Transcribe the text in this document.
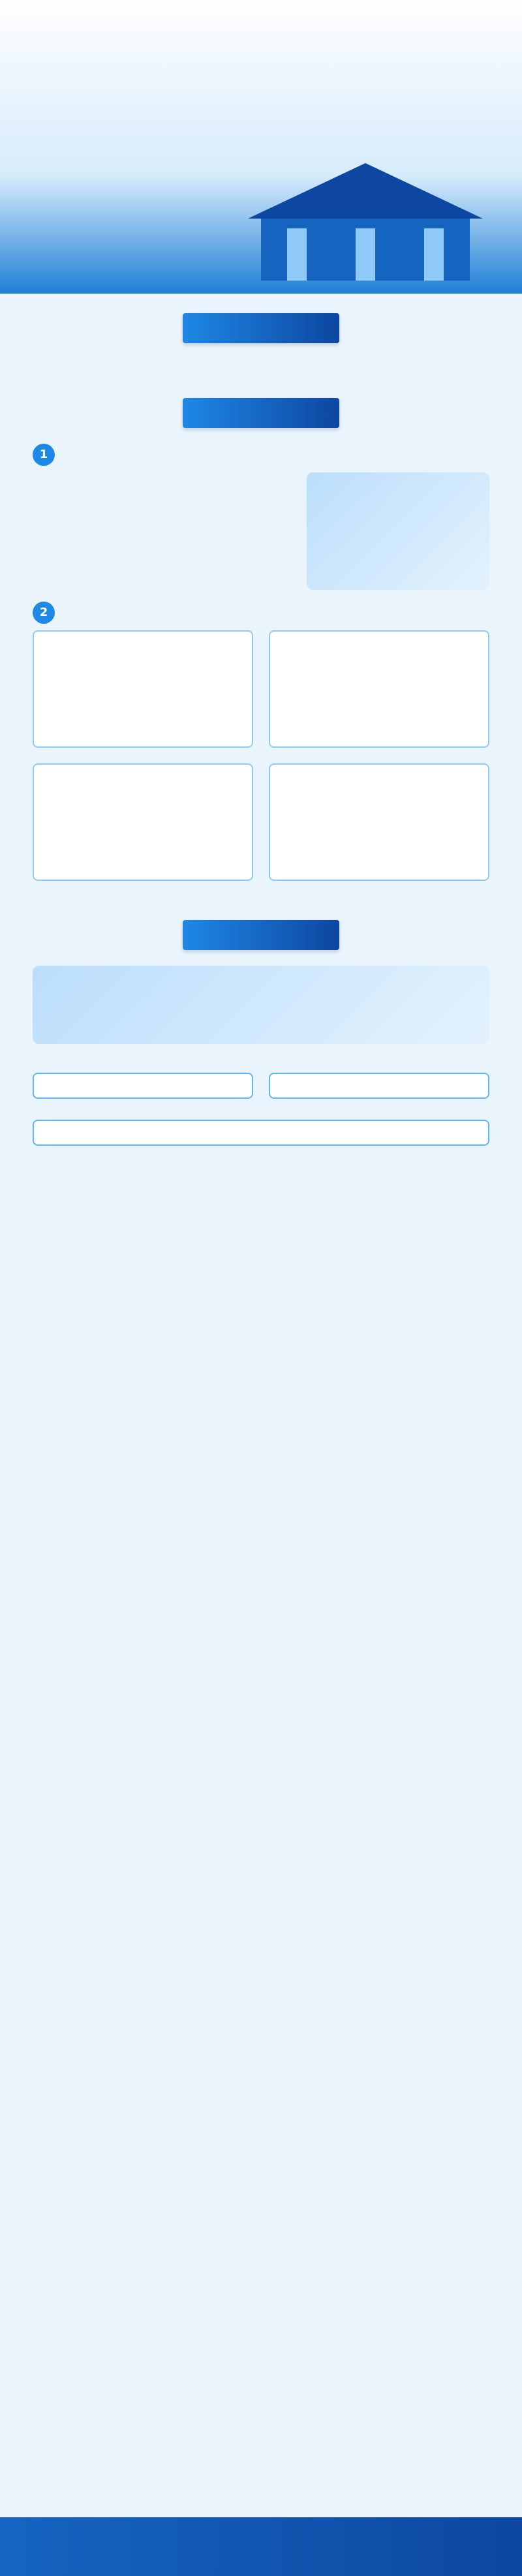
1

2
